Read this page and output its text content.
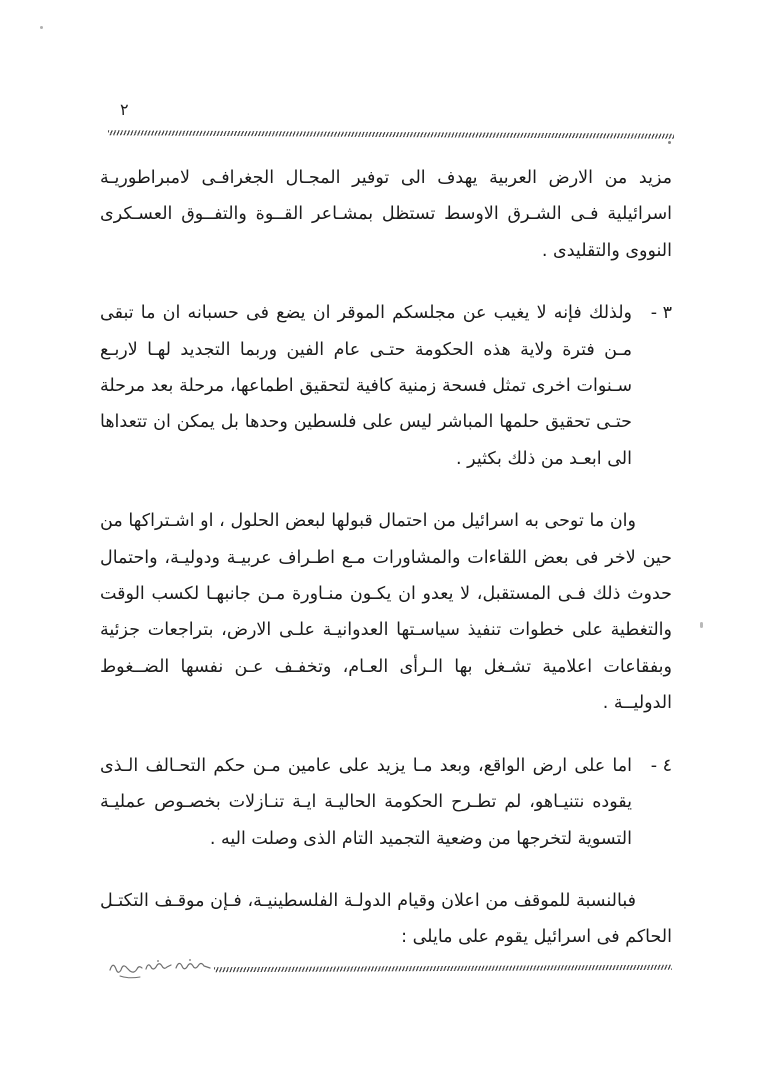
٢

مزيد من الارض العربية يهدف الى توفير المجـال الجغرافـى لامبراطوريـة اسرائيلية فـى الشـرق الاوسط تستظل بمشـاعر القــوة والتفــوق العسـكرى النووى والتقليدى .

٣ -

ولذلك فإنه لا يغيب عن مجلسكم الموقر ان يضع فى حسبانه ان ما تبقى مـن فترة ولاية هذه الحكومة حتـى عام الفين وربما التجديد لهـا لاربـع سـنوات اخرى تمثل فسحة زمنية كافية لتحقيق اطماعها، مرحلة بعد مرحلة حتـى تحقيق حلمها المباشر ليس على فلسطين وحدها بل يمكن ان تتعداها الى ابعـد من ذلك بكثير .

وان ما توحى به اسرائيل من احتمال قبولها لبعض الحلول ، او اشـتراكها من حين لاخر فى بعض اللقاءات والمشاورات مـع اطـراف عربيـة ودوليـة، واحتمال حدوث ذلك فـى المستقبل، لا يعدو ان يكـون منـاورة مـن جانبهـا لكسب الوقت والتغطية على خطوات تنفيذ سياسـتها العدوانيـة علـى الارض، بتراجعات جزئية وبفقاعات اعلامية تشـغل بها الـرأى العـام، وتخفـف عـن نفسها الضــغوط الدوليــة .

٤ -

اما على ارض الواقع، وبعد مـا يزيد على عامين مـن حكم التحـالف الـذى يقوده نتنيـاهو، لم تطـرح الحكومة الحاليـة ايـة تنـازلات بخصـوص عمليـة التسوية لتخرجها من وضعية التجميد التام الذى وصلت اليه .

فبالنسبة للموقف من اعلان وقيام الدولـة الفلسطينيـة، فـإن موقـف التكتـل الحاكم فى اسرائيل يقوم على مايلى :
